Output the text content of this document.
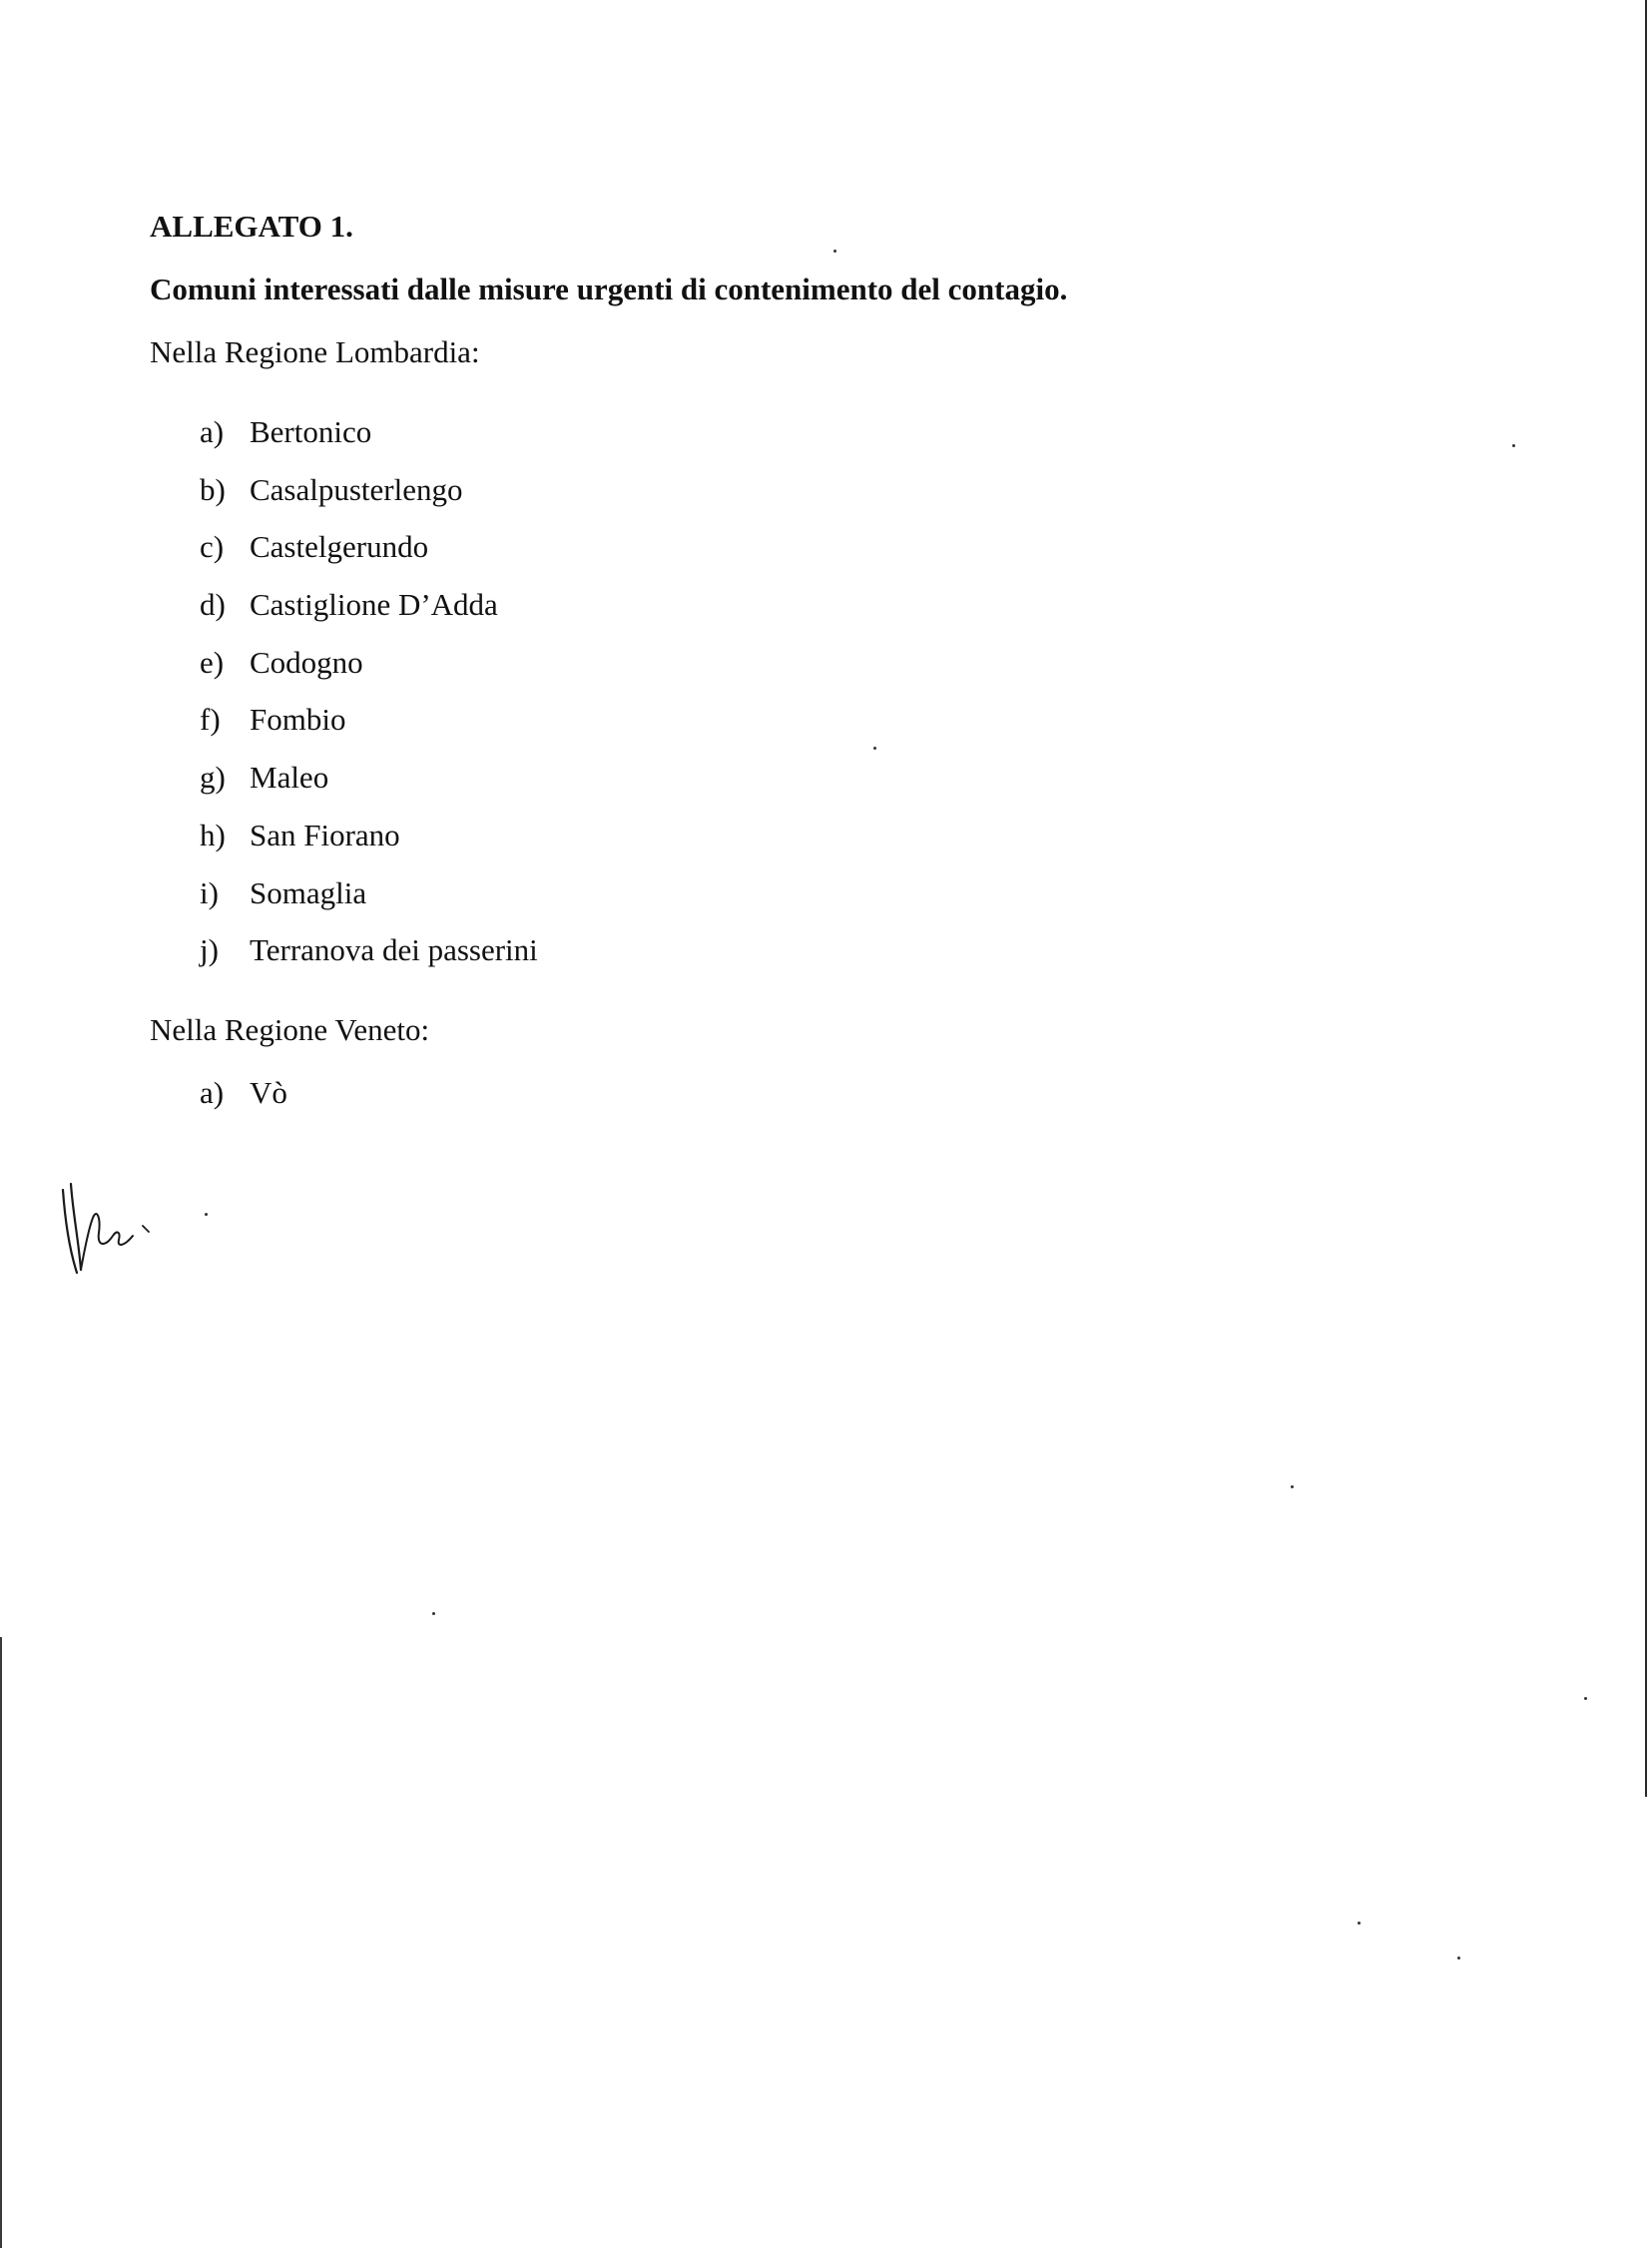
ALLEGATO 1.
Comuni interessati dalle misure urgenti di contenimento del contagio.
Nella Regione Lombardia:
a) Bertonico
b) Casalpusterlengo
c) Castelgerundo
d) Castiglione D’Adda
e) Codogno
f) Fombio
g) Maleo
h) San Fiorano
i) Somaglia
j) Terranova dei passerini
Nella Regione Veneto:
a) Vò
